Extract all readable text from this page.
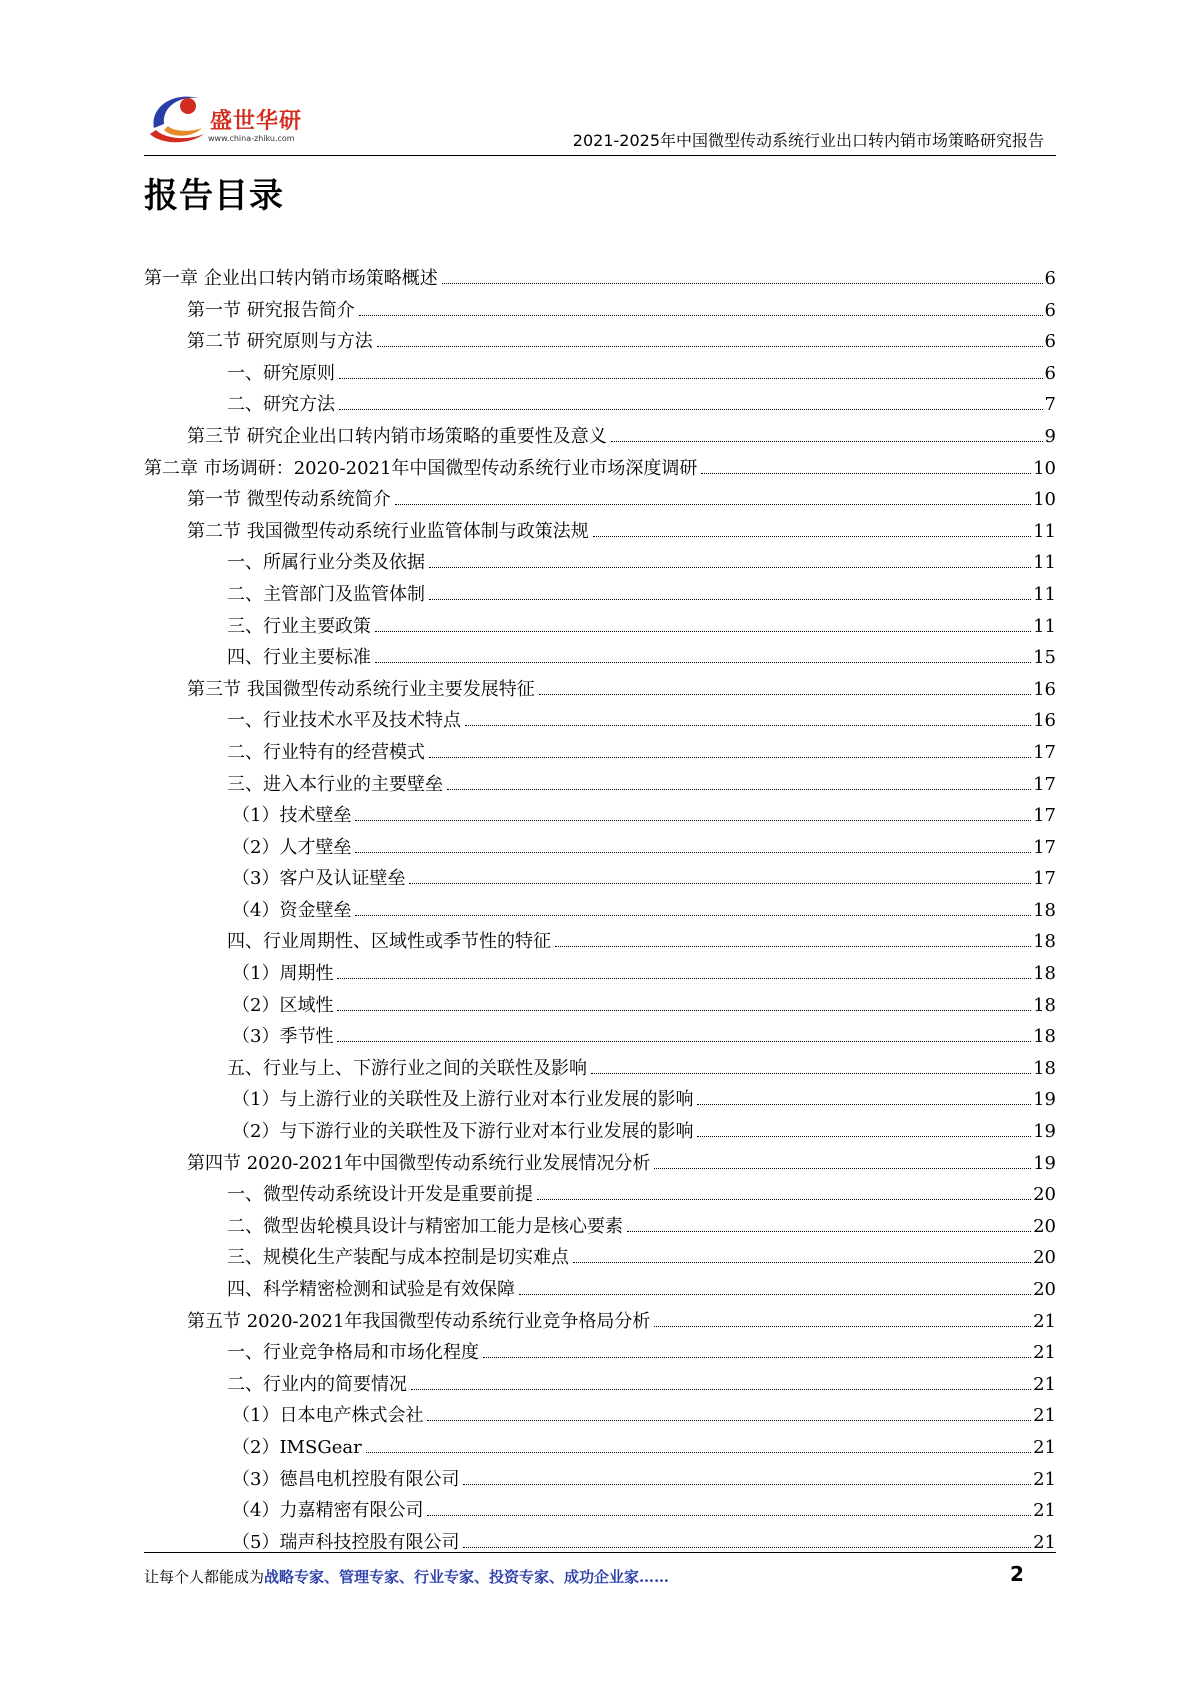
盛世华研
www.china-zhiku.com	2021-2025年中国微型传动系统行业出口转内销市场策略研究报告
报告目录
第一章 企业出口转内销市场策略概述	6
第一节 研究报告简介	6
第二节 研究原则与方法	6
一、研究原则	6
二、研究方法	7
第三节 研究企业出口转内销市场策略的重要性及意义	9
第二章 市场调研：2020-2021年中国微型传动系统行业市场深度调研	10
第一节 微型传动系统简介	10
第二节 我国微型传动系统行业监管体制与政策法规	11
一、所属行业分类及依据	11
二、主管部门及监管体制	11
三、行业主要政策	11
四、行业主要标准	15
第三节 我国微型传动系统行业主要发展特征	16
一、行业技术水平及技术特点	16
二、行业特有的经营模式	17
三、进入本行业的主要壁垒	17
（1）技术壁垒	17
（2）人才壁垒	17
（3）客户及认证壁垒	17
（4）资金壁垒	18
四、行业周期性、区域性或季节性的特征	18
（1）周期性	18
（2）区域性	18
（3）季节性	18
五、行业与上、下游行业之间的关联性及影响	18
（1）与上游行业的关联性及上游行业对本行业发展的影响	19
（2）与下游行业的关联性及下游行业对本行业发展的影响	19
第四节 2020-2021年中国微型传动系统行业发展情况分析	19
一、微型传动系统设计开发是重要前提	20
二、微型齿轮模具设计与精密加工能力是核心要素	20
三、规模化生产装配与成本控制是切实难点	20
四、科学精密检测和试验是有效保障	20
第五节 2020-2021年我国微型传动系统行业竞争格局分析	21
一、行业竞争格局和市场化程度	21
二、行业内的简要情况	21
（1）日本电产株式会社	21
（2）IMSGear	21
（3）德昌电机控股有限公司	21
（4）力嘉精密有限公司	21
（5）瑞声科技控股有限公司	21
让每个人都能成为战略专家、管理专家、行业专家、投资专家、成功企业家……	2
